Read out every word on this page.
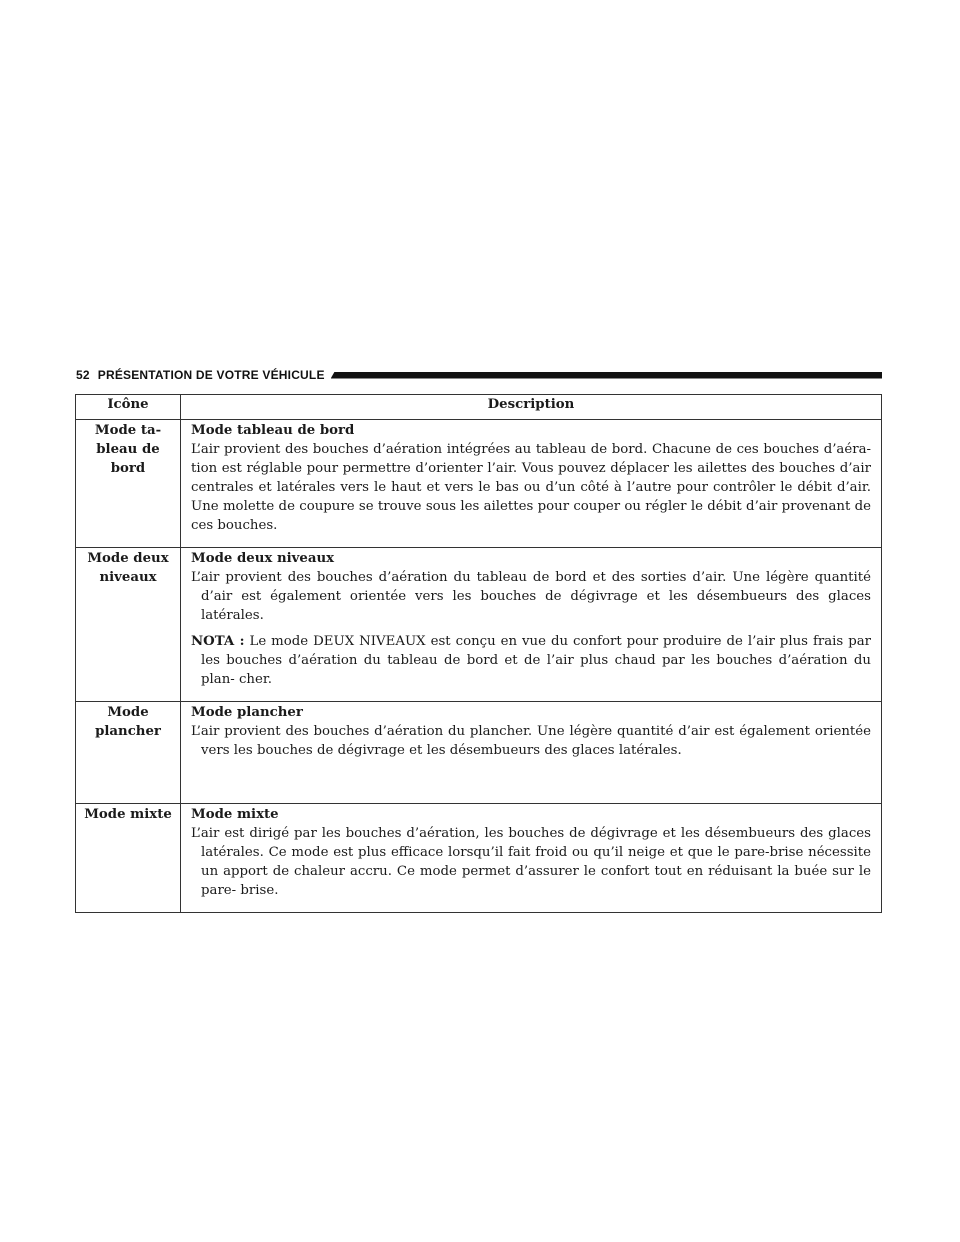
52 PRÉSENTATION DE VOTRE VÉHICULE
Icône	Description
Mode ta- bleau de bord	Mode tableau de bord
L’air provient des bouches d’aération intégrées au tableau de bord. Chacune de ces bouches d’aéra- tion est réglable pour permettre d’orienter l’air. Vous pouvez déplacer les ailettes des bouches d’air centrales et latérales vers le haut et vers le bas ou d’un côté à l’autre pour contrôler le débit d’air. Une molette de coupure se trouve sous les ailettes pour couper ou régler le débit d’air provenant de ces bouches.

Mode deux niveaux	Mode deux niveaux
L’air provient des bouches d’aération du tableau de bord et des sorties d’air. Une légère quantité d’air est également orientée vers les bouches de dégivrage et les désembueurs des glaces latérales.
NOTA : Le mode DEUX NIVEAUX est conçu en vue du confort pour produire de l’air plus frais par les bouches d’aération du tableau de bord et de l’air plus chaud par les bouches d’aération du plan- cher.

Mode plancher	Mode plancher
L’air provient des bouches d’aération du plancher. Une légère quantité d’air est également orientée vers les bouches de dégivrage et les désembueurs des glaces latérales.

Mode mixte	Mode mixte
L’air est dirigé par les bouches d’aération, les bouches de dégivrage et les désembueurs des glaces latérales. Ce mode est plus efficace lorsqu’il fait froid ou qu’il neige et que le pare-brise nécessite un apport de chaleur accru. Ce mode permet d’assurer le confort tout en réduisant la buée sur le pare- brise.
